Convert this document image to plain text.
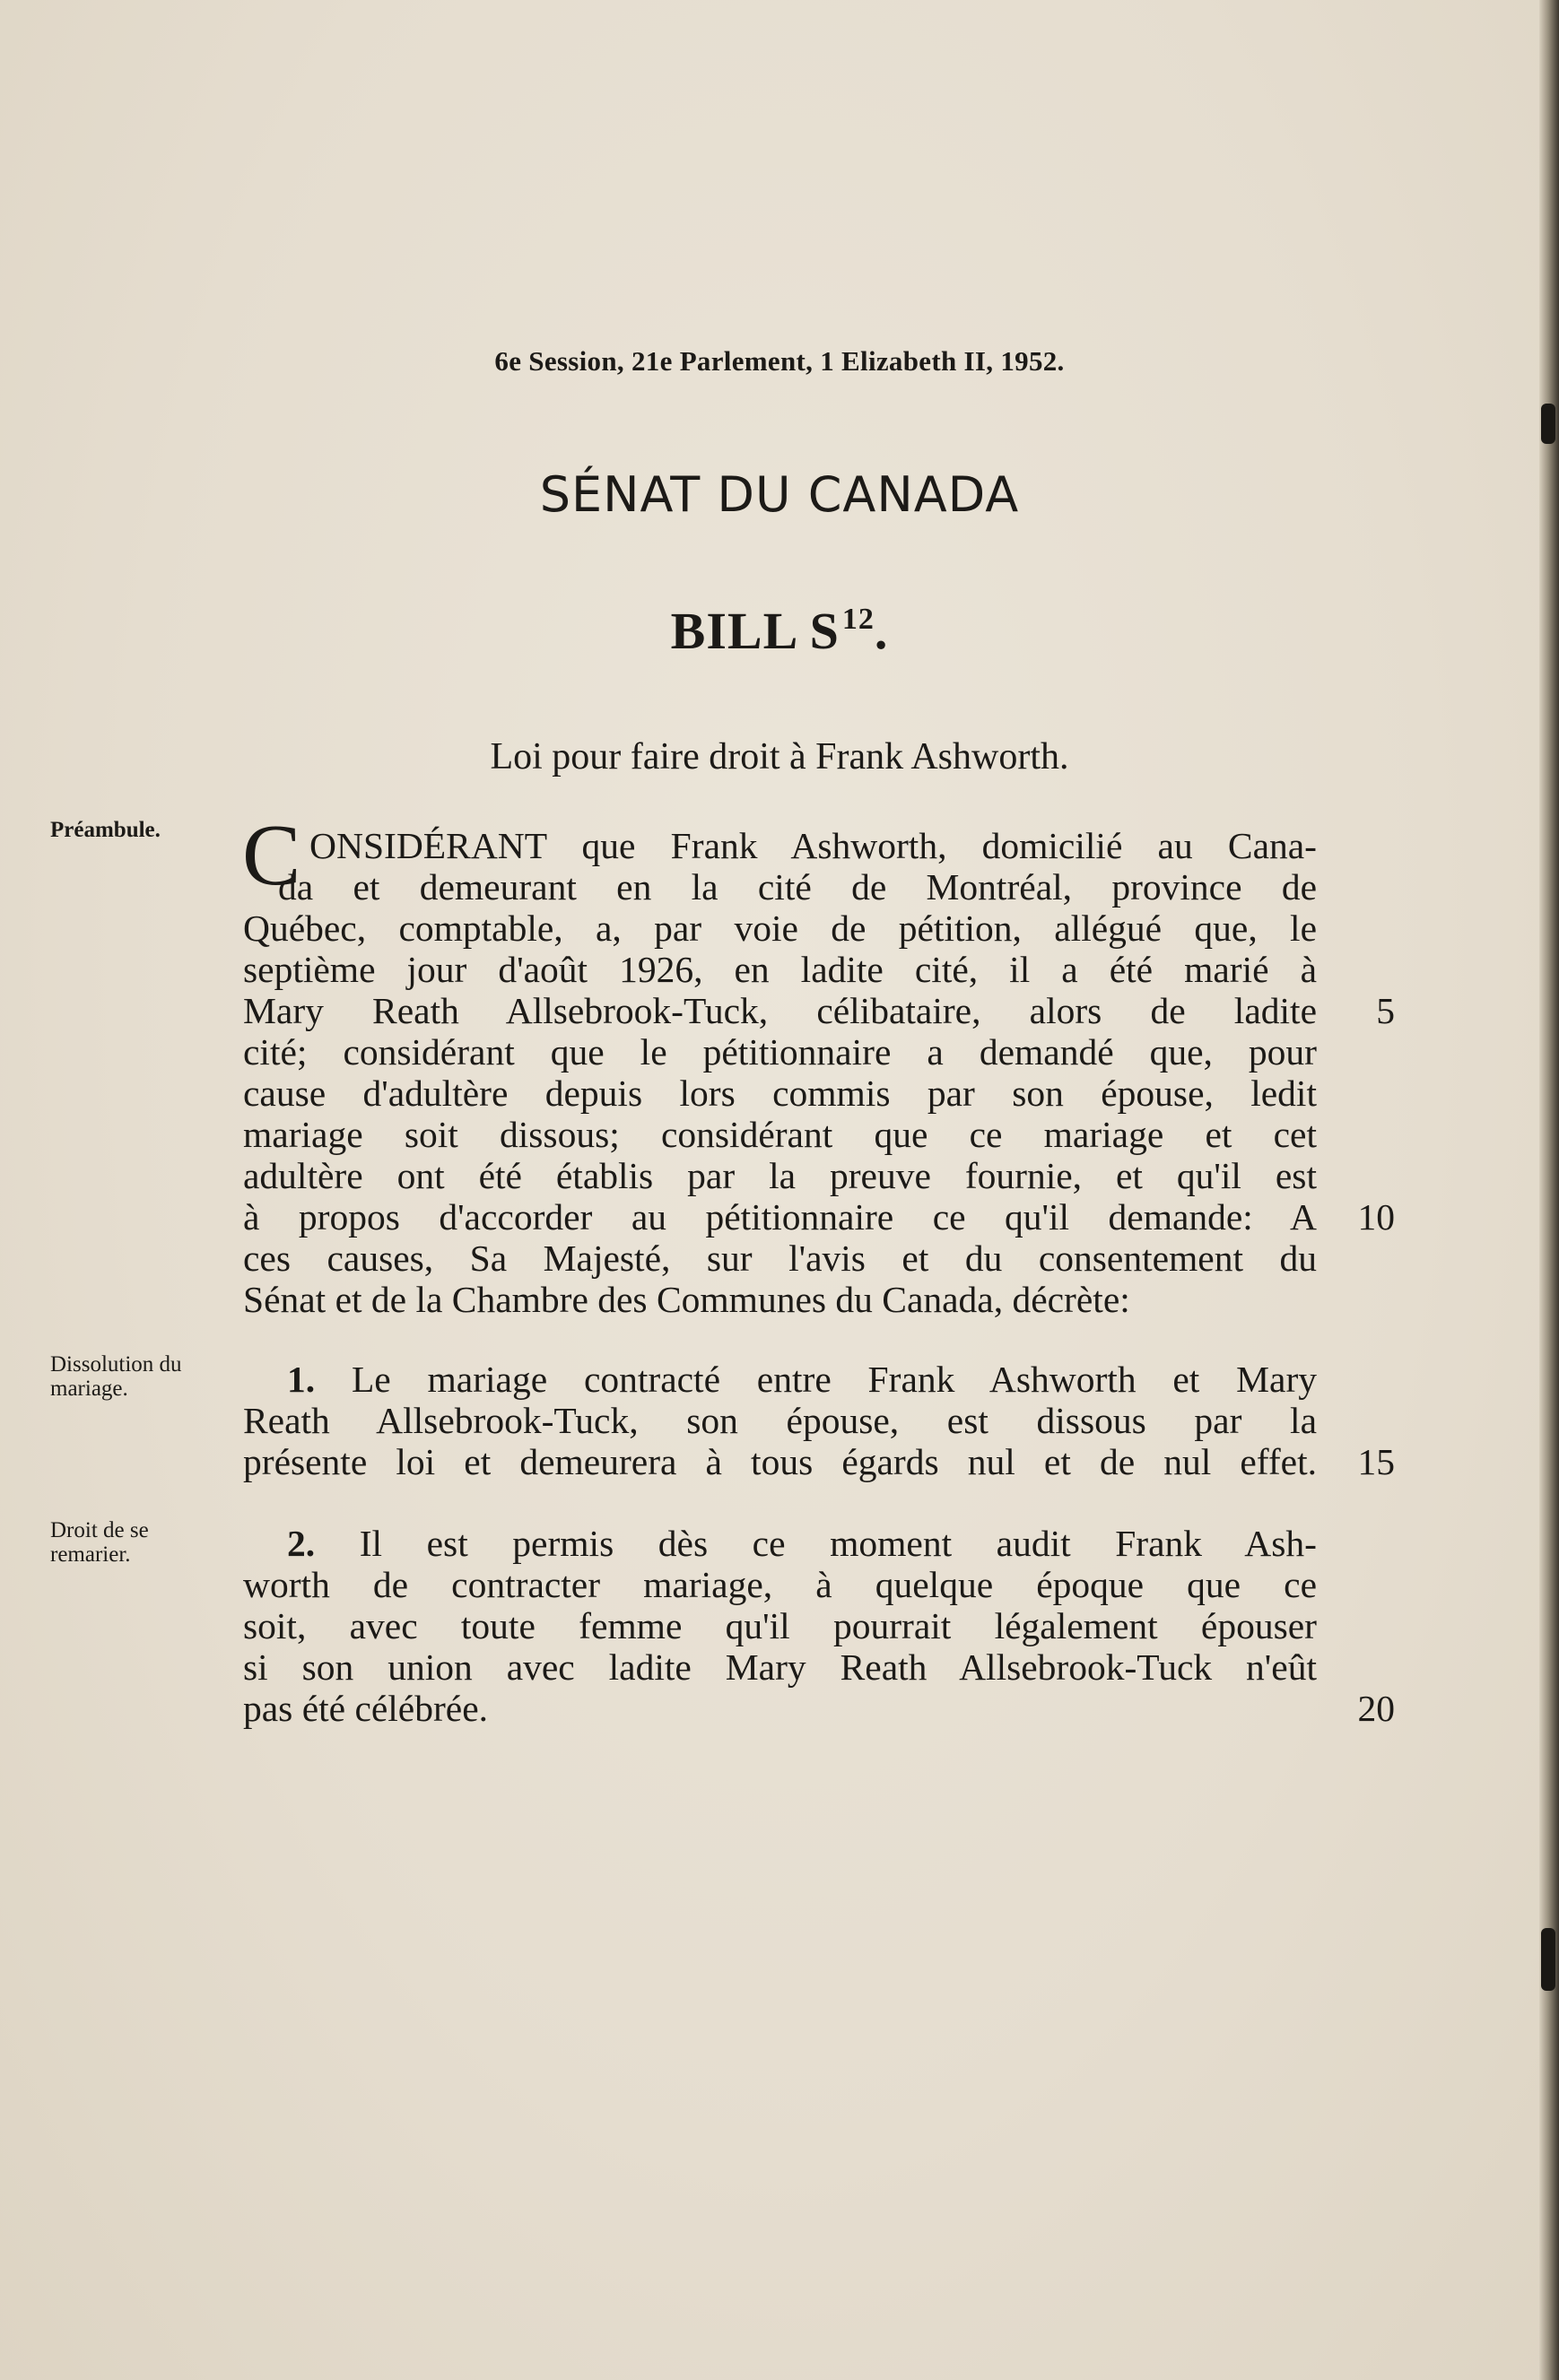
6e Session, 21e Parlement, 1 Elizabeth II, 1952.
SÉNAT DU CANADA
BILL $S^{12}$.
Loi pour faire droit à Frank Ashworth.
Préambule.
Dissolution du mariage.
Droit de se remarier.
C ONSIDÉRANT que Frank Ashworth, domicilié au Cana-
da et demeurant en la cité de Montréal, province de
Québec, comptable, a, par voie de pétition, allégué que, le
septième jour d'août 1926, en ladite cité, il a été marié à
Mary Reath Allsebrook-Tuck, célibataire, alors de ladite
cité; considérant que le pétitionnaire a demandé que, pour
cause d'adultère depuis lors commis par son épouse, ledit
mariage soit dissous; considérant que ce mariage et cet
adultère ont été établis par la preuve fournie, et qu'il est
à propos d'accorder au pétitionnaire ce qu'il demande: A
ces causes, Sa Majesté, sur l'avis et du consentement du
Sénat et de la Chambre des Communes du Canada, décrète:
1. Le mariage contracté entre Frank Ashworth et Mary
Reath Allsebrook-Tuck, son épouse, est dissous par la
présente loi et demeurera à tous égards nul et de nul effet.
2. Il est permis dès ce moment audit Frank Ash-
worth de contracter mariage, à quelque époque que ce
soit, avec toute femme qu'il pourrait légalement épouser
si son union avec ladite Mary Reath Allsebrook-Tuck n'eût
pas été célébrée.
5
10
15
20
